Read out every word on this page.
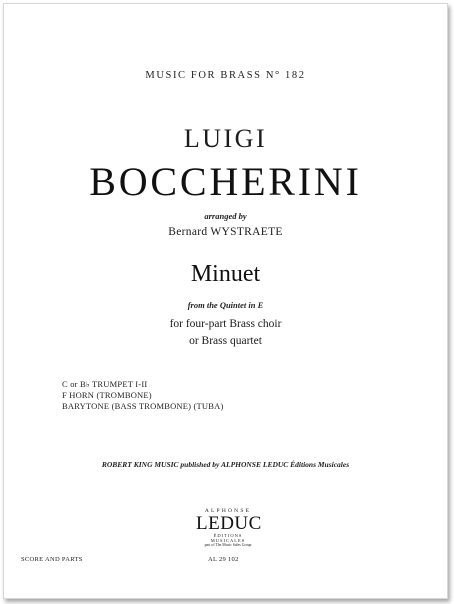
MUSIC FOR BRASS N° 182
LUIGI
BOCCHERINI
arranged by
Bernard WYSTRAETE
Minuet
from the Quintet in E
for four-part Brass choir
or Brass quartet
C or B♭ TRUMPET I-II
F HORN (TROMBONE)
BARYTONE (BASS TROMBONE) (TUBA)
ROBERT KING MUSIC published by ALPHONSE LEDUC Éditions Musicales
ALPHONSE
LEDUC
ÉDITIONS MUSICALES
part of The Music Sales Group
SCORE AND PARTS	AL 29 102
